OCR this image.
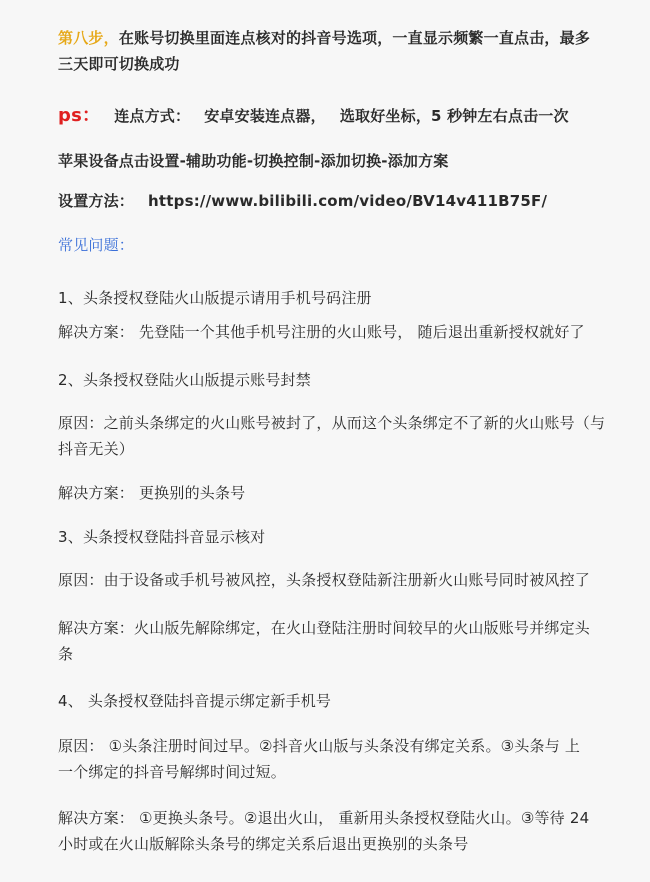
第八步，在账号切换里面连点核对的抖音号选项，一直显示频繁一直点击，最多
三天即可切换成功
ps： 连点方式： 安卓安装连点器， 选取好坐标，5 秒钟左右点击一次
苹果设备点击设置-辅助功能-切换控制-添加切换-添加方案
设置方法： https://www.bilibili.com/video/BV14v411B75F/
常见问题：
1、头条授权登陆火山版提示请用手机号码注册
解决方案： 先登陆一个其他手机号注册的火山账号， 随后退出重新授权就好了
2、头条授权登陆火山版提示账号封禁
原因：之前头条绑定的火山账号被封了，从而这个头条绑定不了新的火山账号（与
抖音无关）
解决方案： 更换别的头条号
3、头条授权登陆抖音显示核对
原因：由于设备或手机号被风控，头条授权登陆新注册新火山账号同时被风控了
解决方案：火山版先解除绑定，在火山登陆注册时间较早的火山版账号并绑定头
条
4、 头条授权登陆抖音提示绑定新手机号
原因： ①头条注册时间过早。②抖音火山版与头条没有绑定关系。③头条与 上
一个绑定的抖音号解绑时间过短。
解决方案： ①更换头条号。②退出火山， 重新用头条授权登陆火山。③等待 24
小时或在火山版解除头条号的绑定关系后退出更换别的头条号
